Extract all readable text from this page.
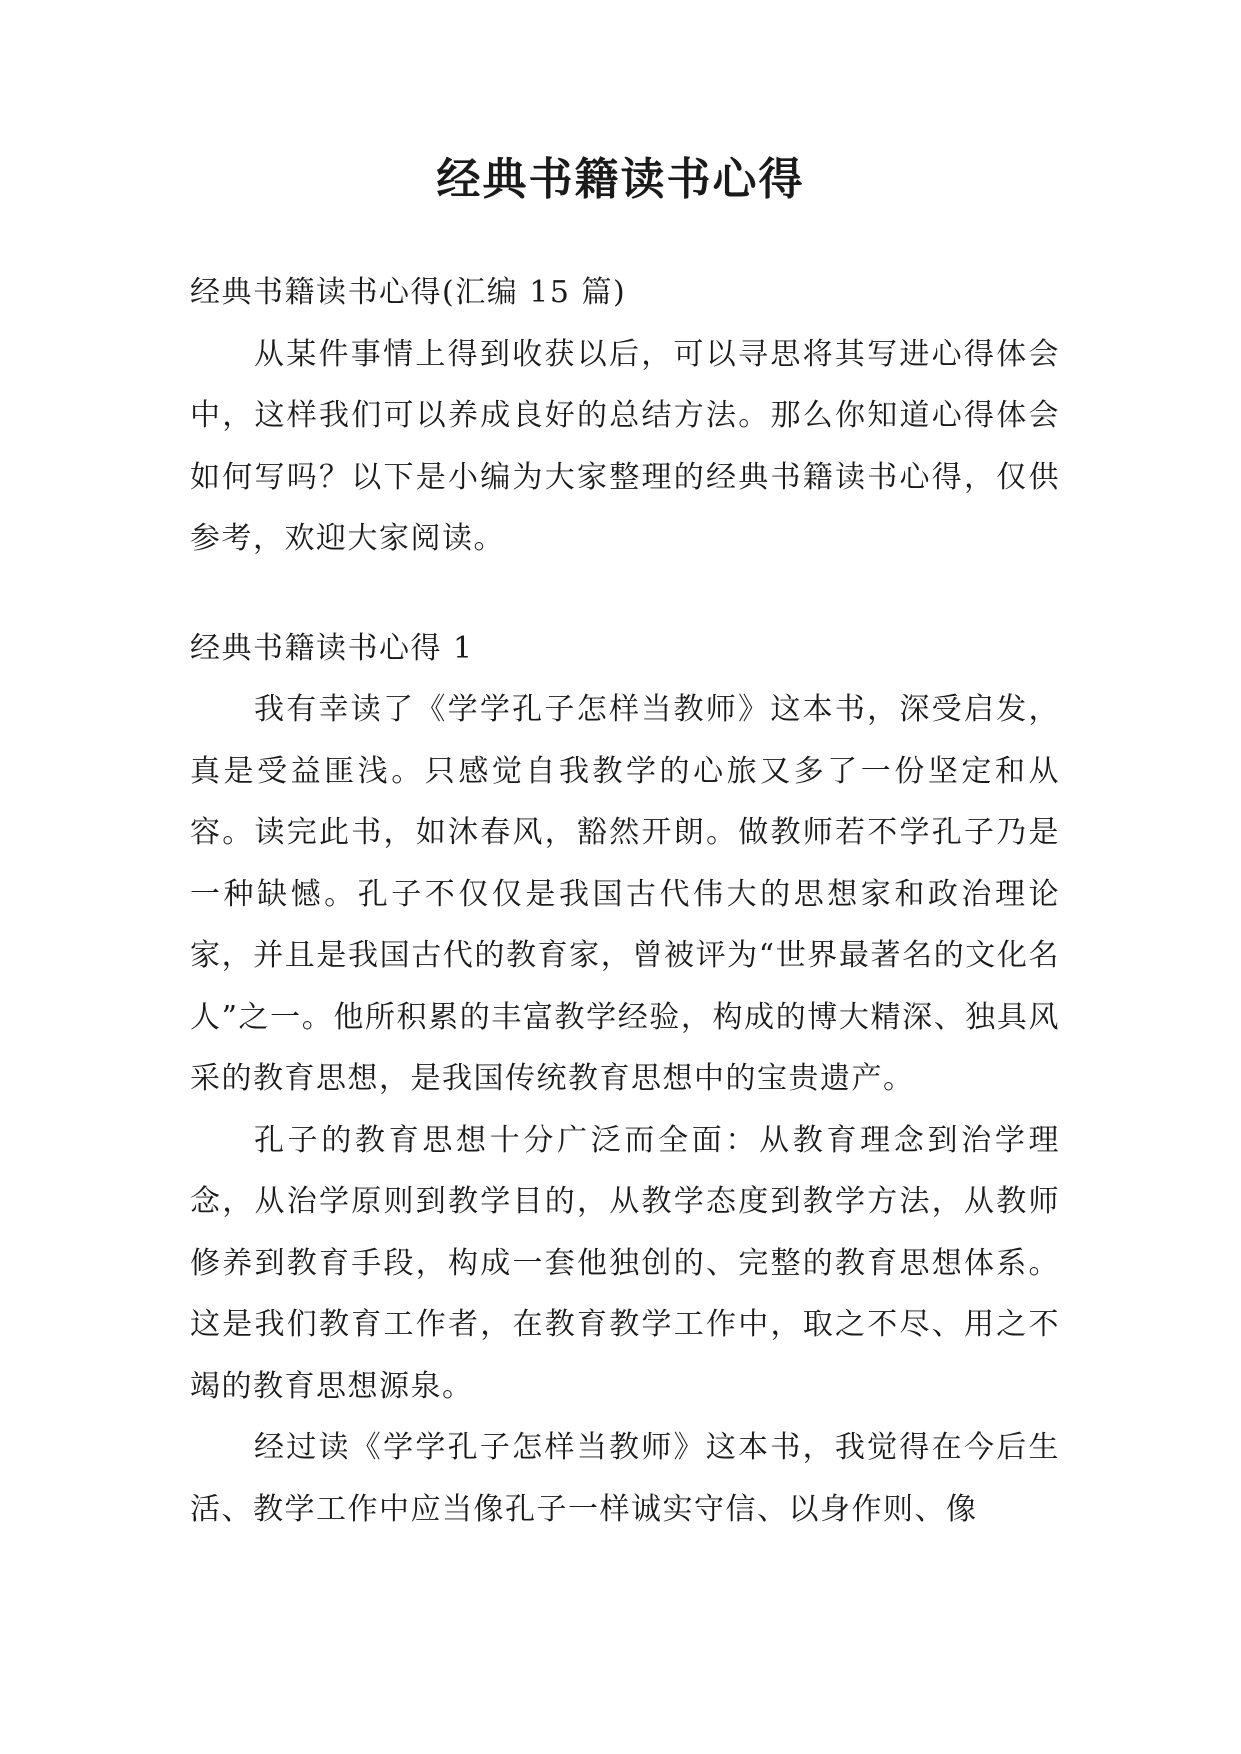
经典书籍读书心得

经典书籍读书心得(汇编 15 篇)

从某件事情上得到收获以后，可以寻思将其写进心得体会中，这样我们可以养成良好的总结方法。那么你知道心得体会如何写吗？以下是小编为大家整理的经典书籍读书心得，仅供参考，欢迎大家阅读。

经典书籍读书心得 1

我有幸读了《学学孔子怎样当教师》这本书，深受启发，真是受益匪浅。只感觉自我教学的心旅又多了一份坚定和从容。读完此书，如沐春风，豁然开朗。做教师若不学孔子乃是一种缺憾。孔子不仅仅是我国古代伟大的思想家和政治理论家，并且是我国古代的教育家，曾被评为“世界最著名的文化名人”之一。他所积累的丰富教学经验，构成的博大精深、独具风采的教育思想，是我国传统教育思想中的宝贵遗产。

孔子的教育思想十分广泛而全面：从教育理念到治学理念，从治学原则到教学目的，从教学态度到教学方法，从教师修养到教育手段，构成一套他独创的、完整的教育思想体系。这是我们教育工作者，在教育教学工作中，取之不尽、用之不竭的教育思想源泉。

经过读《学学孔子怎样当教师》这本书，我觉得在今后生活、教学工作中应当像孔子一样诚实守信、以身作则、像
